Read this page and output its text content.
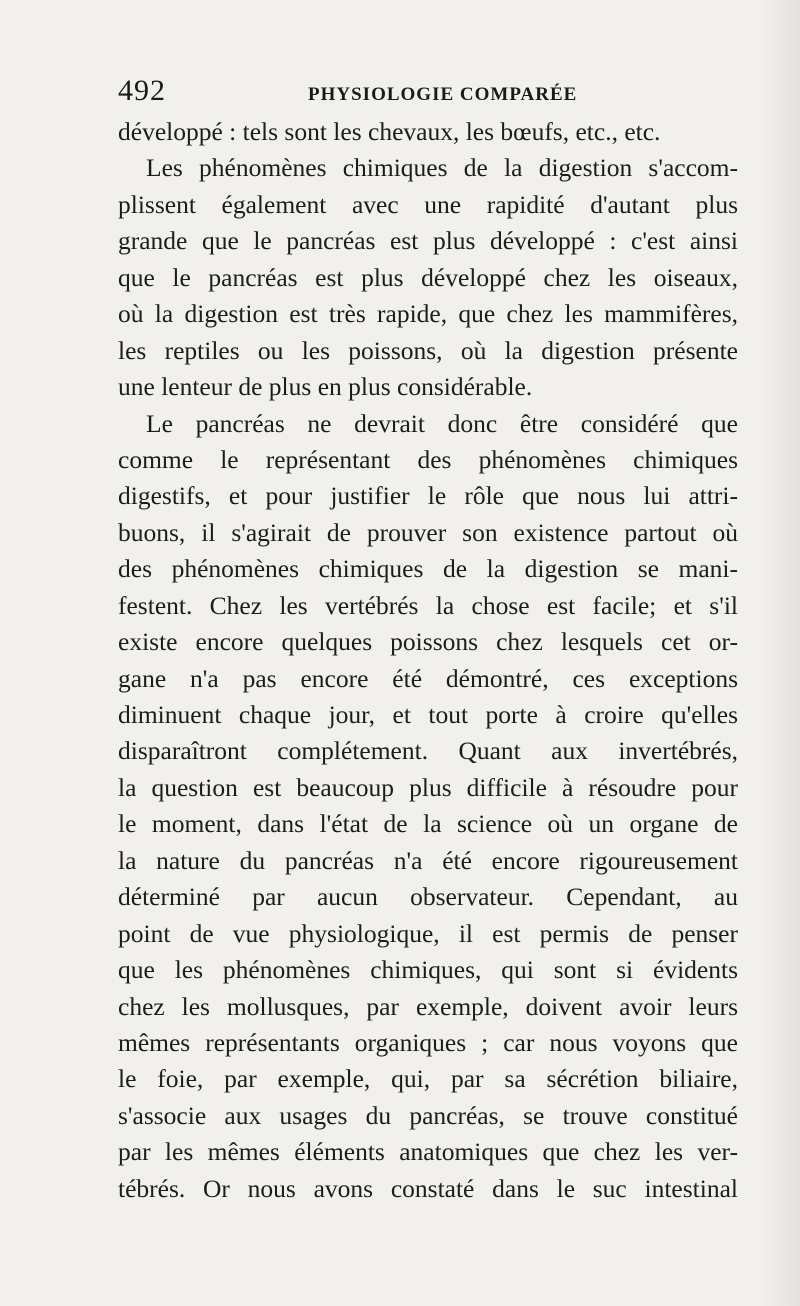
492	PHYSIOLOGIE COMPARÉE
développé : tels sont les chevaux, les bœufs, etc., etc.
Les phénomènes chimiques de la digestion s'accom-
plissent également avec une rapidité d'autant plus
grande que le pancréas est plus développé : c'est ainsi
que le pancréas est plus développé chez les oiseaux,
où la digestion est très rapide, que chez les mammifères,
les reptiles ou les poissons, où la digestion présente
une lenteur de plus en plus considérable.
Le pancréas ne devrait donc être considéré que
comme le représentant des phénomènes chimiques
digestifs, et pour justifier le rôle que nous lui attri-
buons, il s'agirait de prouver son existence partout où
des phénomènes chimiques de la digestion se mani-
festent. Chez les vertébrés la chose est facile; et s'il
existe encore quelques poissons chez lesquels cet or-
gane n'a pas encore été démontré, ces exceptions
diminuent chaque jour, et tout porte à croire qu'elles
disparaîtront complétement. Quant aux invertébrés,
la question est beaucoup plus difficile à résoudre pour
le moment, dans l'état de la science où un organe de
la nature du pancréas n'a été encore rigoureusement
déterminé par aucun observateur. Cependant, au
point de vue physiologique, il est permis de penser
que les phénomènes chimiques, qui sont si évidents
chez les mollusques, par exemple, doivent avoir leurs
mêmes représentants organiques ; car nous voyons que
le foie, par exemple, qui, par sa sécrétion biliaire,
s'associe aux usages du pancréas, se trouve constitué
par les mêmes éléments anatomiques que chez les ver-
tébrés. Or nous avons constaté dans le suc intestinal
